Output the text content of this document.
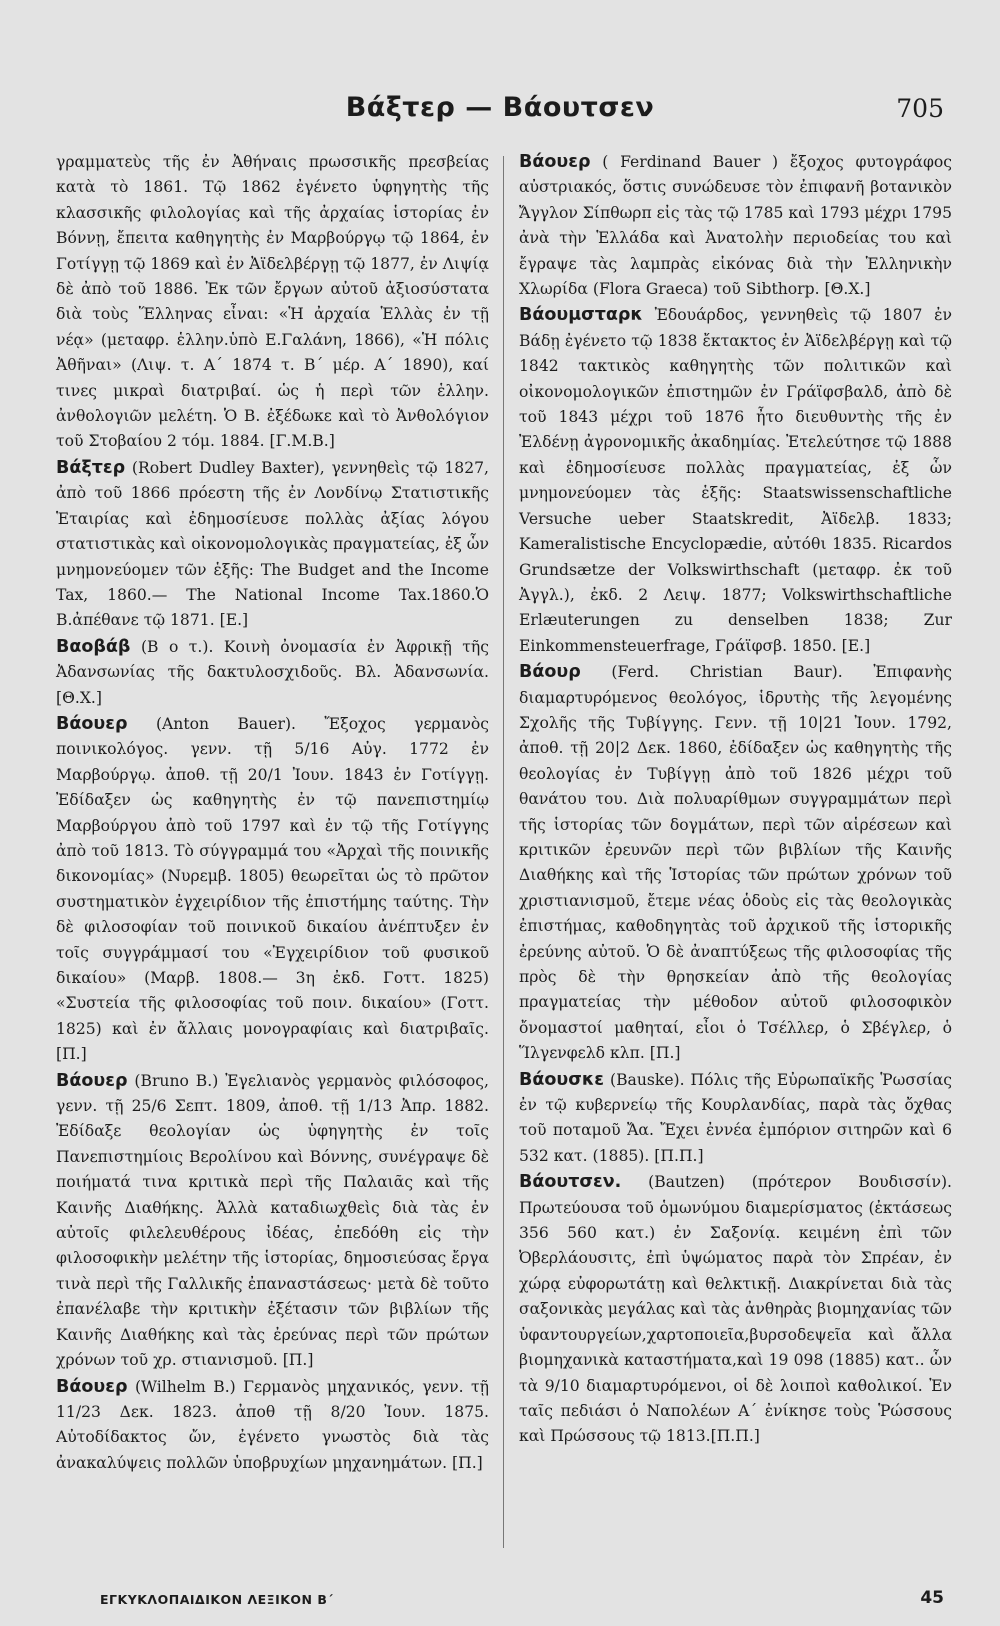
Βάξτερ — Βάουτσεν	705

γραμματεὺς τῆς ἐν Ἀθήναις πρωσσικῆς πρεσβείας κατὰ τὸ 1861. Τῷ 1862 ἐγένετο ὑφηγητὴς τῆς κλασσικῆς φιλολογίας καὶ τῆς ἀρχαίας ἱστορίας ἐν Βόννῃ, ἔπειτα καθηγητὴς ἐν Μαρβούργῳ τῷ 1864, ἐν Γοτίγγῃ τῷ 1869 καὶ ἐν Ἀϊδελβέργῃ τῷ 1877, ἐν Λιψίᾳ δὲ ἀπὸ τοῦ 1886. Ἐκ τῶν ἔργων αὐτοῦ ἀξιοσύστατα διὰ τοὺς Ἕλληνας εἶναι: «Ἡ ἀρχαία Ἑλλὰς ἐν τῇ νέᾳ» (μεταφρ. ἑλλην.ὑπὸ Ε.Γαλάνη, 1866), «Ἡ πόλις Ἀθῆναι» (Λιψ. τ. Α΄ 1874 τ. Β΄ μέρ. Α΄ 1890), καί τινες μικραὶ διατριβαί. ὡς ἡ περὶ τῶν ἑλλην. ἀνθολογιῶν μελέτη. Ὁ Β. ἐξέδωκε καὶ τὸ Ἀνθολόγιον τοῦ Στοβαίου 2 τόμ. 1884. [Γ.Μ.Β.]

Βάξτερ (Robert Dudley Baxter), γεννηθεὶς τῷ 1827, ἀπὸ τοῦ 1866 πρόεστη τῆς ἐν Λονδίνῳ Στατιστικῆς Ἑταιρίας καὶ ἐδημοσίευσε πολλὰς ἀξίας λόγου στατιστικὰς καὶ οἰκονομολογικὰς πραγματείας, ἐξ ὧν μνημονεύομεν τῶν ἑξῆς: The Budget and the Income Tax, 1860.— The National Income Tax.1860.Ὁ Β.ἀπέθανε τῷ 1871. [Ε.]

Βαοβάβ (Β ο τ.). Κοινὴ ὀνομασία ἐν Ἀφρικῇ τῆς Ἀδανσωνίας τῆς δακτυλοσχιδοῦς. Βλ. Ἀδανσωνία. [Θ.Χ.]

Βάουερ (Anton Bauer). Ἔξοχος γερμανὸς ποινικολόγος. γενν. τῇ 5/16 Αὐγ. 1772 ἐν Μαρβούργῳ. ἀποθ. τῇ 20/1 Ἰουν. 1843 ἐν Γοτίγγῃ. Ἐδίδαξεν ὡς καθηγητὴς ἐν τῷ πανεπιστημίῳ Μαρβούργου ἀπὸ τοῦ 1797 καὶ ἐν τῷ τῆς Γοτίγγης ἀπὸ τοῦ 1813. Τὸ σύγγραμμά του «Ἀρχαὶ τῆς ποινικῆς δικονομίας» (Νυρεμβ. 1805) θεωρεῖται ὡς τὸ πρῶτον συστηματικὸν ἐγχειρίδιον τῆς ἐπιστήμης ταύτης. Τὴν δὲ φιλοσοφίαν τοῦ ποινικοῦ δικαίου ἀνέπτυξεν ἐν τοῖς συγγράμμασί του «Ἐγχειρίδιον τοῦ φυσικοῦ δικαίου» (Μαρβ. 1808.— 3η ἐκδ. Γοττ. 1825) «Συστεία τῆς φιλοσοφίας τοῦ ποιν. δικαίου» (Γοττ. 1825) καὶ ἐν ἄλλαις μονογραφίαις καὶ διατριβαῖς. [Π.]

Βάουερ (Bruno B.) Ἐγελιανὸς γερμανὸς φιλόσοφος, γενν. τῇ 25/6 Σεπτ. 1809, ἀποθ. τῇ 1/13 Ἀπρ. 1882. Ἐδίδαξε θεολογίαν ὡς ὑφηγητὴς ἐν τοῖς Πανεπιστημίοις Βερολίνου καὶ Βόννης, συνέγραψε δὲ ποιήματά τινα κριτικὰ περὶ τῆς Παλαιᾶς καὶ τῆς Καινῆς Διαθήκης. Ἀλλὰ καταδιωχθεὶς διὰ τὰς ἐν αὐτοῖς φιλελευθέρους ἰδέας, ἐπεδόθη εἰς τὴν φιλοσοφικὴν μελέτην τῆς ἱστορίας, δημοσιεύσας ἔργα τινὰ περὶ τῆς Γαλλικῆς ἐπαναστάσεως· μετὰ δὲ τοῦτο ἐπανέλαβε τὴν κριτικὴν ἐξέτασιν τῶν βιβλίων τῆς Καινῆς Διαθήκης καὶ τὰς ἐρεύνας περὶ τῶν πρώτων χρόνων τοῦ χρ. στιανισμοῦ. [Π.]

Βάουερ (Wilhelm B.) Γερμανὸς μηχανικός, γενν. τῇ 11/23 Δεκ. 1823. ἀποθ τῇ 8/20 Ἰουν. 1875. Αὐτοδίδακτος ὤν, ἐγένετο γνωστὸς διὰ τὰς ἀνακαλύψεις πολλῶν ὑποβρυχίων μηχανημάτων. [Π.]

Βάουερ ( Ferdinand Bauer ) ἔξοχος φυτογράφος αὐστριακός, ὅστις συνώδευσε τὸν ἐπιφανῆ βοτανικὸν Ἄγγλον Σίπθωρπ εἰς τὰς τῷ 1785 καὶ 1793 μέχρι 1795 ἀνὰ τὴν Ἑλλάδα καὶ Ἀνατολὴν περιοδείας του καὶ ἔγραψε τὰς λαμπρὰς εἰκόνας διὰ τὴν Ἑλληνικὴν Χλωρίδα (Flora Graeca) τοῦ Sibthorp. [Θ.Χ.]

Βάουμσταρκ Ἐδουάρδος, γεννηθεὶς τῷ 1807 ἐν Βάδῃ ἐγένετο τῷ 1838 ἔκτακτος ἐν Ἀϊδελβέργῃ καὶ τῷ 1842 τακτικὸς καθηγητὴς τῶν πολιτικῶν καὶ οἰκονομολογικῶν ἐπιστημῶν ἐν Γράϊφσβαλδ, ἀπὸ δὲ τοῦ 1843 μέχρι τοῦ 1876 ἦτο διευθυντὴς τῆς ἐν Ἐλδένῃ ἀγρονομικῆς ἀκαδημίας. Ἐτελεύτησε τῷ 1888 καὶ ἐδημοσίευσε πολλὰς πραγματείας, ἐξ ὧν μνημονεύομεν τὰς ἑξῆς: Staatswissenschaftliche Versuche ueber Staatskredit, Ἀϊδελβ. 1833; Kameralistische Encyclopædie, αὐτόθι 1835. Ricardos Grundsætze der Volkswirthschaft (μεταφρ. ἐκ τοῦ Ἀγγλ.), ἐκδ. 2 Λειψ. 1877; Volkswirthschaftliche Erlæuterungen zu denselben 1838; Zur Einkommensteuerfrage, Γράϊφσβ. 1850. [Ε.]

Βάουρ (Ferd. Christian Baur). Ἐπιφανὴς διαμαρτυρόμενος θεολόγος, ἱδρυτὴς τῆς λεγομένης Σχολῆς τῆς Τυβίγγης. Γενν. τῇ 10|21 Ἰουν. 1792, ἀποθ. τῇ 20|2 Δεκ. 1860, ἐδίδαξεν ὡς καθηγητὴς τῆς θεολογίας ἐν Τυβίγγῃ ἀπὸ τοῦ 1826 μέχρι τοῦ θανάτου του. Διὰ πολυαρίθμων συγγραμμάτων περὶ τῆς ἱστορίας τῶν δογμάτων, περὶ τῶν αἱρέσεων καὶ κριτικῶν ἐρευνῶν περὶ τῶν βιβλίων τῆς Καινῆς Διαθήκης καὶ τῆς Ἱστορίας τῶν πρώτων χρόνων τοῦ χριστιανισμοῦ, ἔτεμε νέας ὁδοὺς εἰς τὰς θεολογικὰς ἐπιστήμας, καθοδηγητὰς τοῦ ἀρχικοῦ τῆς ἱστορικῆς ἐρεύνης αὐτοῦ. Ὁ δὲ ἀναπτύξεως τῆς φιλοσοφίας τῆς πρὸς δὲ τὴν θρησκείαν ἀπὸ τῆς θεολογίας πραγματείας τὴν μέθοδον αὐτοῦ φιλοσοφικὸν ὄνομαστοί μαθηταί, εἶοι ὁ Τσέλλερ, ὁ Σβέγλερ, ὁ Ἵλγενφελδ κλπ. [Π.]

Βάουσκε (Bauske). Πόλις τῆς Εὐρωπαϊκῆς Ῥωσσίας ἐν τῷ κυβερνείῳ τῆς Κουρλανδίας, παρὰ τὰς ὄχθας τοῦ ποταμοῦ Ἄα. Ἔχει ἐννέα ἐμπόριον σιτηρῶν καὶ 6 532 κατ. (1885). [Π.Π.]

Βάουτσεν. (Bautzen) (πρότερον Βουδισσίν). Πρωτεύουσα τοῦ ὁμωνύμου διαμερίσματος (ἐκτάσεως 356 560 κατ.) ἐν Σαξονίᾳ. κειμένη ἐπὶ τῶν Ὀβερλάουσιτς, ἐπὶ ὑψώματος παρὰ τὸν Σπρέαν, ἐν χώρᾳ εὐφορωτάτῃ καὶ θελκτικῇ. Διακρίνεται διὰ τὰς σαξονικὰς μεγάλας καὶ τὰς ἀνθηρὰς βιομηχανίας τῶν ὑφαντουργείων,χαρτοποιεῖα,βυρσοδεψεῖα καὶ ἄλλα βιομηχανικὰ καταστήματα,καὶ 19 098 (1885) κατ.. ὧν τὰ 9/10 διαμαρτυρόμενοι, οἱ δὲ λοιποὶ καθολικοί. Ἐν ταῖς πεδιάσι ὁ Ναπολέων Α΄ ἐνίκησε τοὺς Ῥώσσους καὶ Πρώσσους τῷ 1813.[Π.Π.]

ΕΓΚΥΚΛΟΠΑΙΔΙΚΟΝ ΛΕΞΙΚΟΝ Β΄	45
